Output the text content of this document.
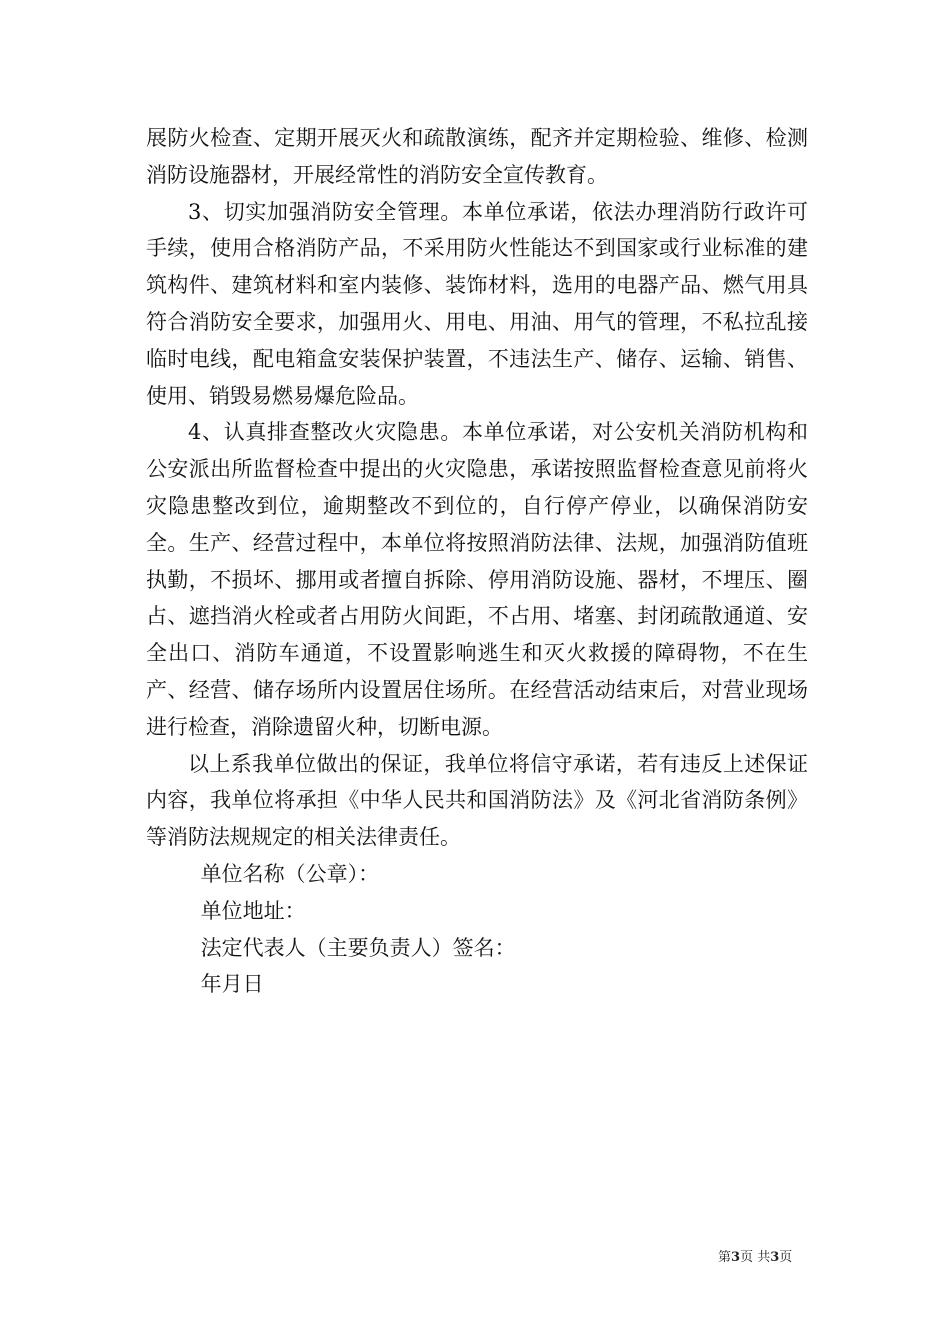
展防火检查、定期开展灭火和疏散演练，配齐并定期检验、维修、检测消防设施器材，开展经常性的消防安全宣传教育。

3、切实加强消防安全管理。本单位承诺，依法办理消防行政许可手续，使用合格消防产品，不采用防火性能达不到国家或行业标准的建筑构件、建筑材料和室内装修、装饰材料，选用的电器产品、燃气用具符合消防安全要求，加强用火、用电、用油、用气的管理，不私拉乱接临时电线，配电箱盒安装保护装置，不违法生产、储存、运输、销售、使用、销毁易燃易爆危险品。

4、认真排查整改火灾隐患。本单位承诺，对公安机关消防机构和公安派出所监督检查中提出的火灾隐患，承诺按照监督检查意见前将火灾隐患整改到位，逾期整改不到位的，自行停产停业，以确保消防安全。生产、经营过程中，本单位将按照消防法律、法规，加强消防值班执勤，不损坏、挪用或者擅自拆除、停用消防设施、器材，不埋压、圈占、遮挡消火栓或者占用防火间距，不占用、堵塞、封闭疏散通道、安全出口、消防车通道，不设置影响逃生和灭火救援的障碍物，不在生产、经营、储存场所内设置居住场所。在经营活动结束后，对营业现场进行检查，消除遗留火种，切断电源。

以上系我单位做出的保证，我单位将信守承诺，若有违反上述保证内容，我单位将承担《中华人民共和国消防法》及《河北省消防条例》等消防法规规定的相关法律责任。

单位名称（公章）：

单位地址：

法定代表人（主要负责人）签名：

年月日

第3页 共3页
